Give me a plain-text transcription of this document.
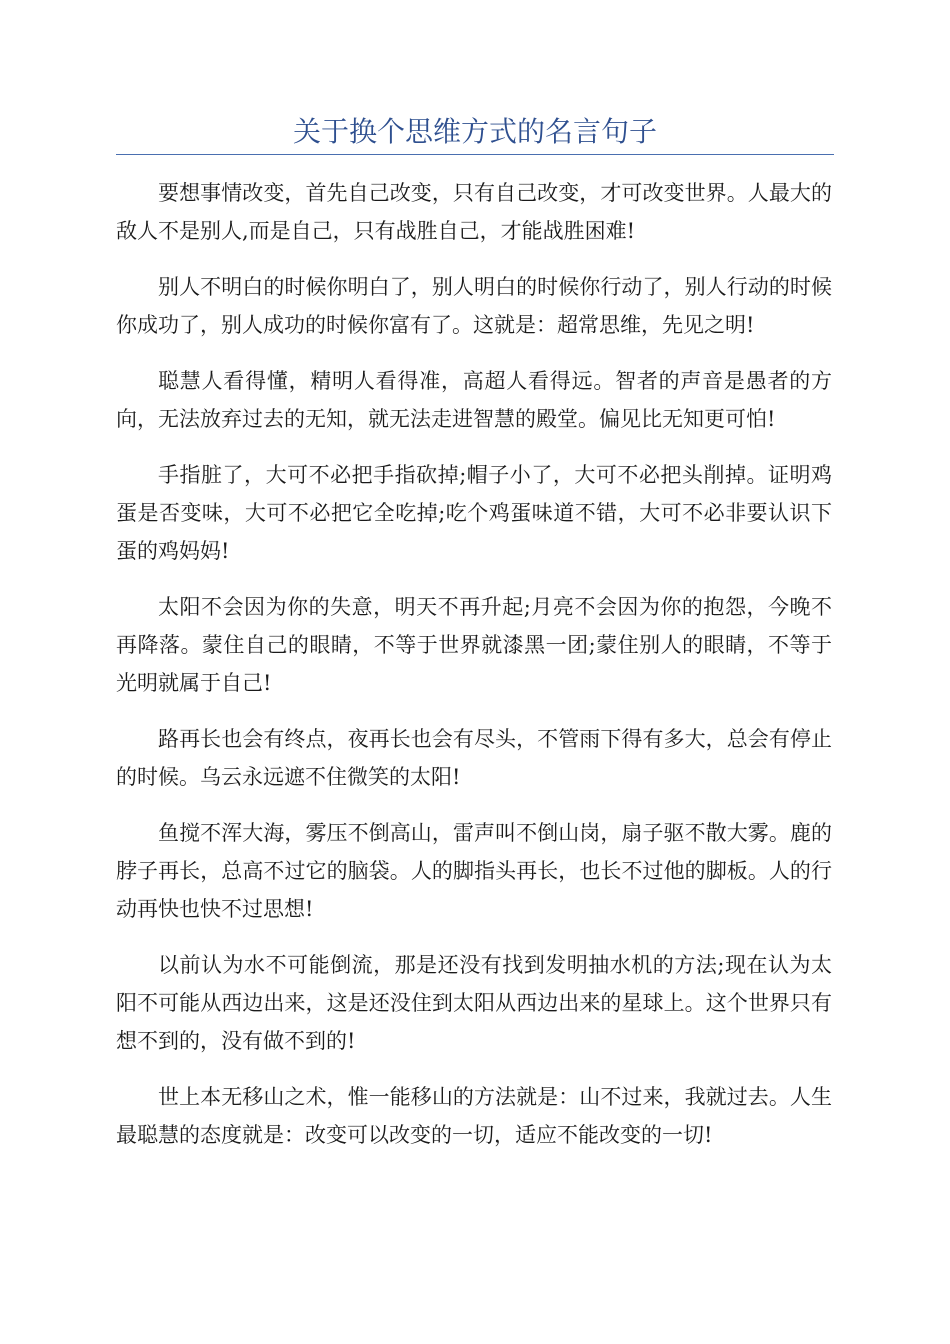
关于换个思维方式的名言句子

要想事情改变，首先自己改变，只有自己改变，才可改变世界。人最大的敌人不是别人,而是自己，只有战胜自己，才能战胜困难!

别人不明白的时候你明白了，别人明白的时候你行动了，别人行动的时候你成功了，别人成功的时候你富有了。这就是：超常思维，先见之明!

聪慧人看得懂，精明人看得准，高超人看得远。智者的声音是愚者的方向，无法放弃过去的无知，就无法走进智慧的殿堂。偏见比无知更可怕!

手指脏了，大可不必把手指砍掉;帽子小了，大可不必把头削掉。证明鸡蛋是否变味，大可不必把它全吃掉;吃个鸡蛋味道不错，大可不必非要认识下蛋的鸡妈妈!

太阳不会因为你的失意，明天不再升起;月亮不会因为你的抱怨，今晚不再降落。蒙住自己的眼睛，不等于世界就漆黑一团;蒙住别人的眼睛，不等于光明就属于自己!

路再长也会有终点，夜再长也会有尽头，不管雨下得有多大，总会有停止的时候。乌云永远遮不住微笑的太阳!

鱼搅不浑大海，雾压不倒高山，雷声叫不倒山岗，扇子驱不散大雾。鹿的脖子再长，总高不过它的脑袋。人的脚指头再长，也长不过他的脚板。人的行动再快也快不过思想!

以前认为水不可能倒流，那是还没有找到发明抽水机的方法;现在认为太阳不可能从西边出来，这是还没住到太阳从西边出来的星球上。这个世界只有想不到的，没有做不到的!

世上本无移山之术，惟一能移山的方法就是：山不过来，我就过去。人生最聪慧的态度就是：改变可以改变的一切，适应不能改变的一切!
